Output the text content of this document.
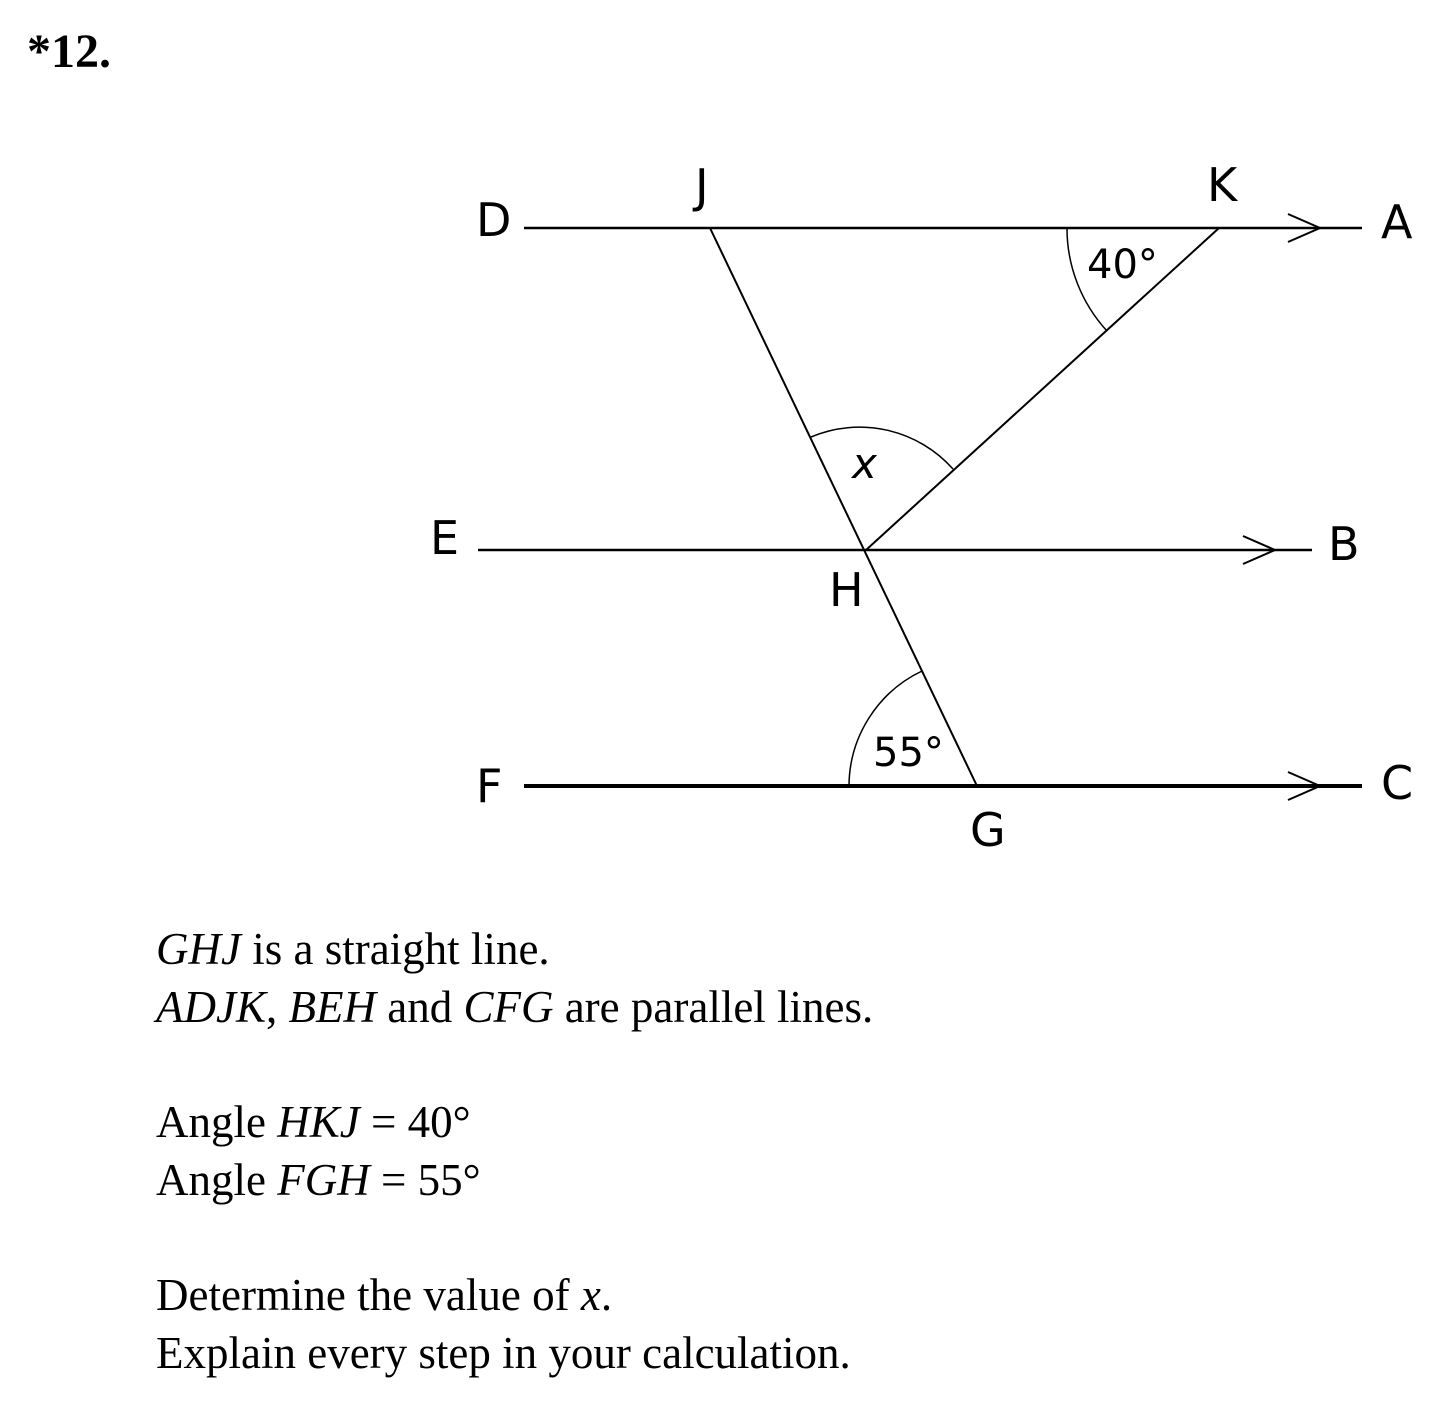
*12.
D
J	K
A
E
H
B
F
G
C
40°
x
55°
GHJ is a straight line.
ADJK, BEH and CFG are parallel lines.
Angle HKJ = 40°
Angle FGH = 55°
Determine the value of x.
Explain every step in your calculation.
